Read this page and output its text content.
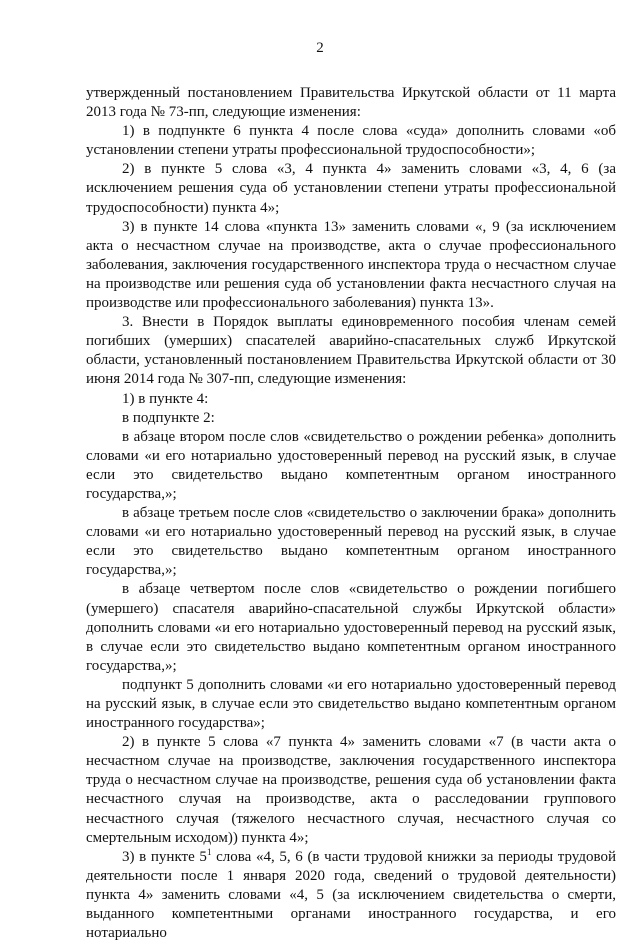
2

утвержденный постановлением Правительства Иркутской области от 11 марта 2013 года № 73-пп, следующие изменения:

1) в подпункте 6 пункта 4 после слова «суда» дополнить словами «об установлении степени утраты профессиональной трудоспособности»;

2) в пункте 5 слова «3, 4 пункта 4» заменить словами «3, 4, 6 (за исключением решения суда об установлении степени утраты профессиональной трудоспособности) пункта 4»;

3) в пункте 14 слова «пункта 13» заменить словами «, 9 (за исключением акта о несчастном случае на производстве, акта о случае профессионального заболевания, заключения государственного инспектора труда о несчастном случае на производстве или решения суда об установлении факта несчастного случая на производстве или профессионального заболевания) пункта 13».

3. Внести в Порядок выплаты единовременного пособия членам семей погибших (умерших) спасателей аварийно-спасательных служб Иркутской области, установленный постановлением Правительства Иркутской области от 30 июня 2014 года № 307-пп, следующие изменения:

1) в пункте 4:

в подпункте 2:

в абзаце втором после слов «свидетельство о рождении ребенка» дополнить словами «и его нотариально удостоверенный перевод на русский язык, в случае если это свидетельство выдано компетентным органом иностранного государства,»;

в абзаце третьем после слов «свидетельство о заключении брака» дополнить словами «и его нотариально удостоверенный перевод на русский язык, в случае если это свидетельство выдано компетентным органом иностранного государства,»;

в абзаце четвертом после слов «свидетельство о рождении погибшего (умершего) спасателя аварийно-спасательной службы Иркутской области» дополнить словами «и его нотариально удостоверенный перевод на русский язык, в случае если это свидетельство выдано компетентным органом иностранного государства,»;

подпункт 5 дополнить словами «и его нотариально удостоверенный перевод на русский язык, в случае если это свидетельство выдано компетентным органом иностранного государства»;

2) в пункте 5 слова «7 пункта 4» заменить словами «7 (в части акта о несчастном случае на производстве, заключения государственного инспектора труда о несчастном случае на производстве, решения суда об установлении факта несчастного случая на производстве, акта о расследовании группового несчастного случая (тяжелого несчастного случая, несчастного случая со смертельным исходом)) пункта 4»;

3) в пункте $5^1$ слова «4, 5, 6 (в части трудовой книжки за периоды трудовой деятельности после 1 января 2020 года, сведений о трудовой деятельности) пункта 4» заменить словами «4, 5 (за исключением свидетельства о смерти, выданного компетентными органами иностранного государства, и его нотариально
